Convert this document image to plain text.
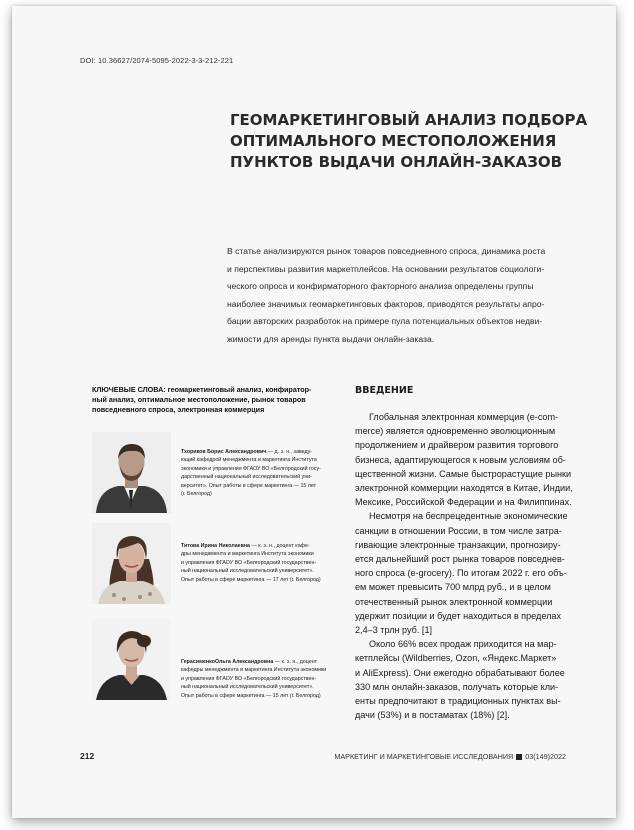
DOI: 10.36627/2074-5095-2022-3-3-212-221
ГЕОМАРКЕТИНГОВЫЙ АНАЛИЗ ПОДБОРА
ОПТИМАЛЬНОГО МЕСТОПОЛОЖЕНИЯ
ПУНКТОВ ВЫДАЧИ ОНЛАЙН-ЗАКАЗОВ
В статье анализируются рынок товаров повседневного спроса, динамика роста
и перспективы развития маркетплейсов. На основании результатов социологи-
ческого опроса и конфирматорного факторного анализа определены группы
наиболее значимых геомаркетинговых факторов, приводятся результаты апро-
бации авторских разработок на примере пула потенциальных объектов недви-
жимости для аренды пункта выдачи онлайн-заказа.
КЛЮЧЕВЫЕ СЛОВА: геомаркетинговый анализ, конфиратор-
ный анализ, оптимальное местоположение, рынок товаров
повседневного спроса, электронная коммерция
Тхориков Борис Александрович — д. э. н., заведу-
ющий кафедрой менеджмента и маркетинга Института
экономики и управления ФГАОУ ВО «Белгородский госу-
дарственный национальный исследовательский уни-
верситет». Опыт работы в сфере маркетинга — 15 лет
(г. Белгород)
Титова Ирина Николаевна — к. э. н., доцент кафе-
дры менеджмента и маркетинга Института экономики
и управления ФГАОУ ВО «Белгородский государствен-
ный национальный исследовательский университет».
Опыт работы в сфере маркетинга — 17 лет (г. Белгород)
ГерасименкоОльга Александровна — к. э. н., доцент
кафедры менеджмента и маркетинга Института экономики
и управления ФГАОУ ВО «Белгородский государствен-
ный национальный исследовательский университет».
Опыт работы в сфере маркетинга — 15 лет (г. Белгород)
ВВЕДЕНИЕ
Глобальная электронная коммерция (e-com-
merce) является одновременно эволюционным
продолжением и драйвером развития торгового
бизнеса, адаптирующегося к новым условиям об-
щественной жизни. Самые быстрорастущие рынки
электронной коммерции находятся в Китае, Индии,
Мексике, Российской Федерации и на Филиппинах.
Несмотря на беспрецедентные экономические
санкции в отношении России, в том числе затра-
гивающие электронные транзакции, прогнозиру-
ется дальнейший рост рынка товаров повседнев-
ного спроса (e-grocery). По итогам 2022 г. его объ-
ем может превысить 700 млрд руб., и в целом
отечественный рынок электронной коммерции
удержит позиции и будет находиться в пределах
2,4–3 трлн руб. [1]
Около 66% всех продаж приходится на мар-
кетплейсы (Wildberries, Ozon, «Яндекс.Маркет»
и AliExpress). Они ежегодно обрабатывают более
330 млн онлайн-заказов, получать которые кли-
енты предпочитают в традиционных пунктах вы-
дачи (53%) и в постаматах (18%) [2].
212	МАРКЕТИНГ И МАРКЕТИНГОВЫЕ ИССЛЕДОВАНИЯ 03(149)2022
